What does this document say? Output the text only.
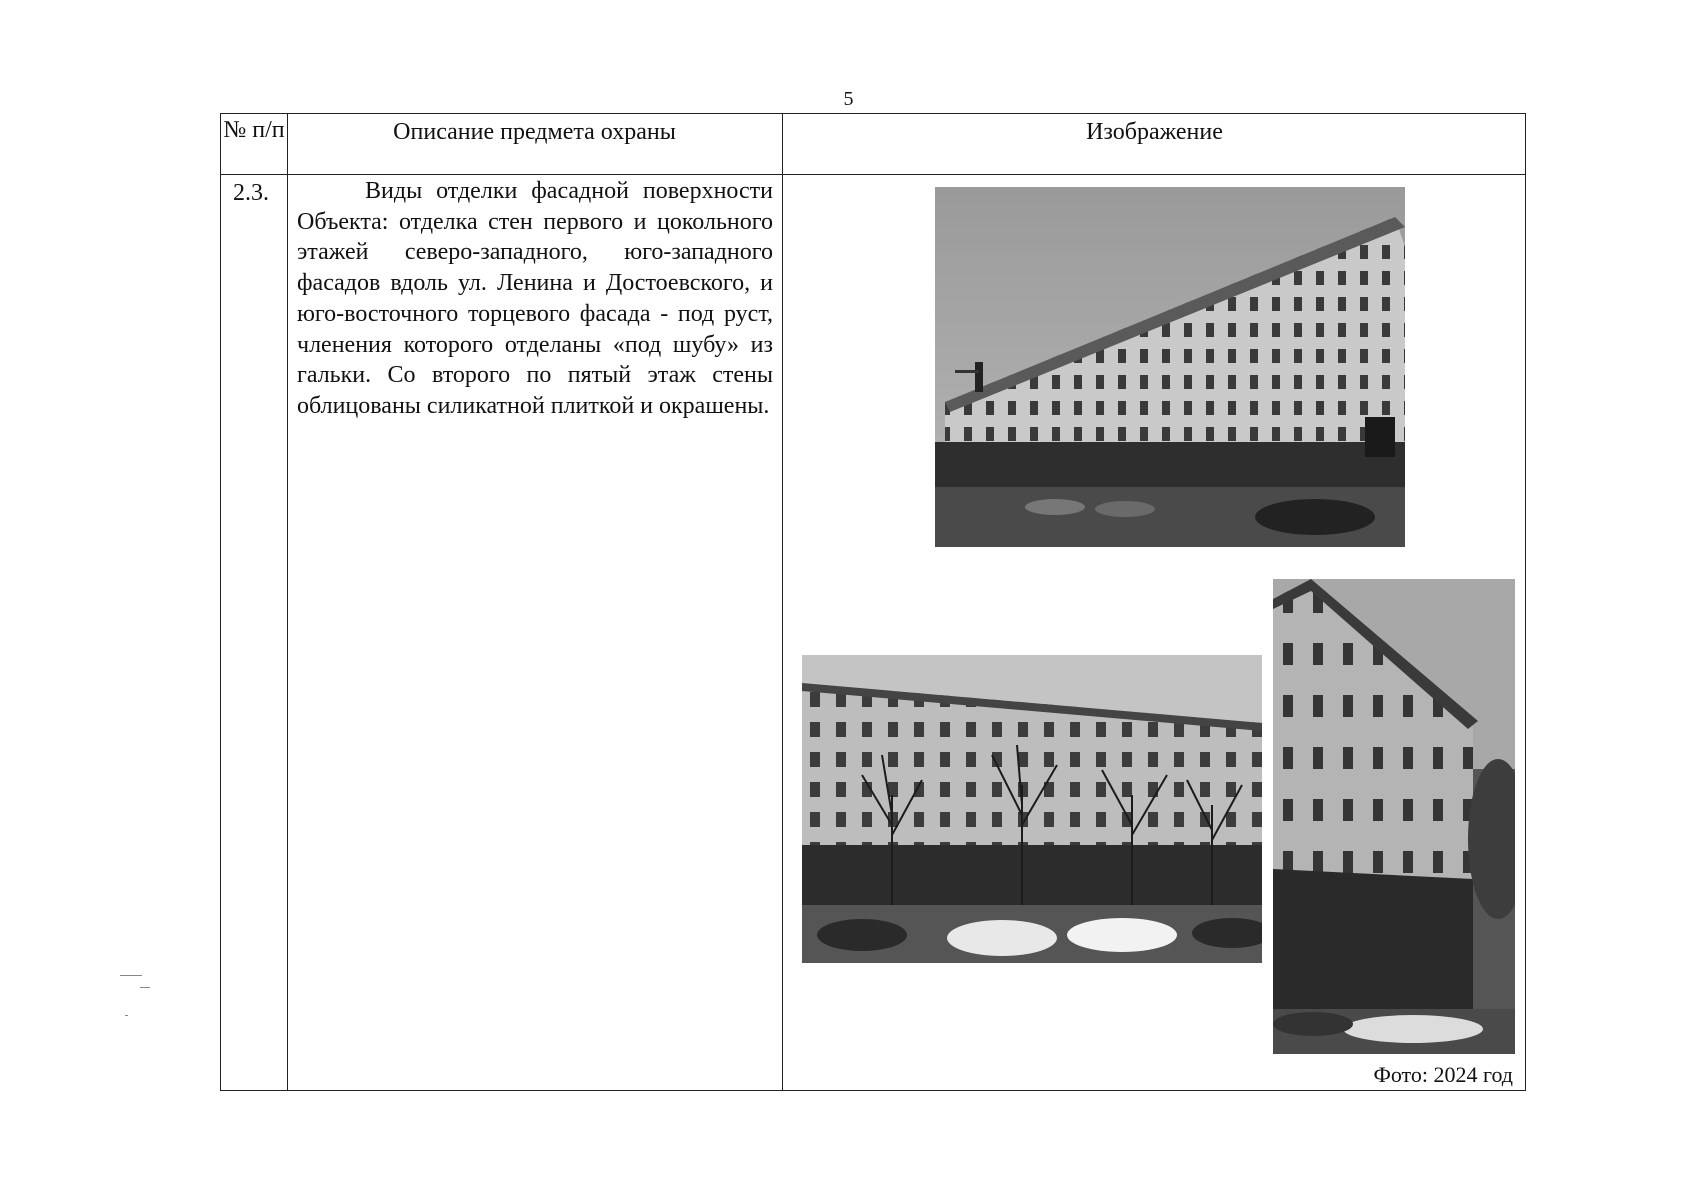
5
№ п/п	Описание предмета охраны	Изображение
2.3.	Виды отделки фасадной поверхности Объекта: отделка стен первого и цокольного этажей северо-западного, юго-западного фасадов вдоль ул. Ленина и Достоевского, и юго-восточного торцевого фасада - под руст, членения которого отделаны «под шубу» из гальки. Со второго по пятый этаж стены облицованы силикатной плиткой и окрашены.
Фото: 2024 год
